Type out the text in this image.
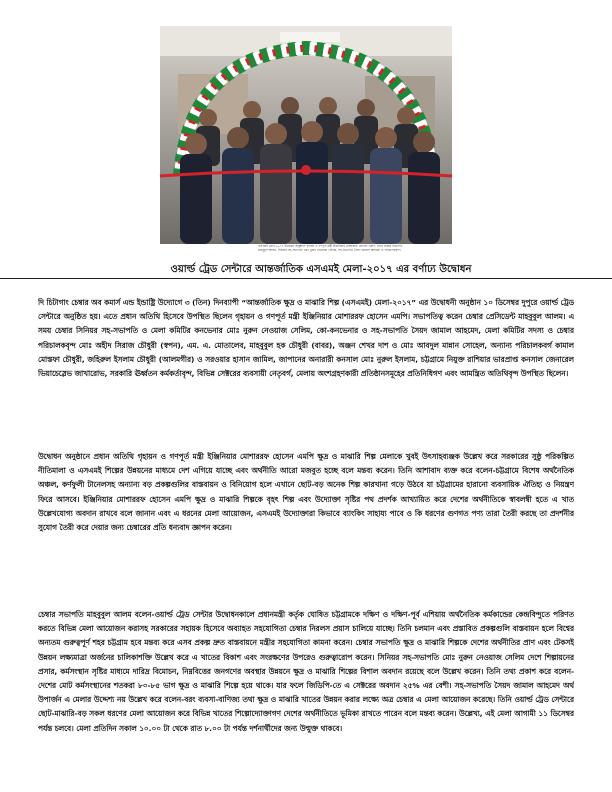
এসএমই মেলা-২০১৭ উদ্বোধন অনুষ্ঠানে গৃহায়ন ও গণপূর্ত মন্ত্রী ইঞ্জিনিয়ার মোশাররফ হোসেন এমপি, সাথে চেম্বার সভাপতি
মাহবুবুল আলম, সিনিয়র সহ-সভাপতি মোঃ নুরুন নেওয়াজ সেলিম, সহ-সভাপতি সৈয়দ জামাল আহমেদ ও পরিচালকবৃন্দ।
ওয়ার্ল্ড ট্রেড সেন্টারে আন্তর্জাতিক এসএমই মেলা-২০১৭ এর বর্ণাঢ্য উদ্বোধন

দি চিটাগাং চেম্বার অব কমার্স এন্ড ইন্ডাষ্ট্রি উদ্যোগে ৩ (তিন) দিনব্যাপী “আন্তর্জাতিক ক্ষুদ্র ও মাঝারি শিল্প (এসএমই) মেলা-২০১৭” এর উদ্বোধনী অনুষ্ঠান ১০ ডিসেম্বর দুপুরে ওয়ার্ল্ড ট্রেড সেন্টারে অনুষ্ঠিত হয়। এতে প্রধান অতিথি হিসেবে উপস্থিত ছিলেন গৃহায়ন ও গণপূর্ত মন্ত্রী ইঞ্জিনিয়ার মোশাররফ হোসেন এমপি। সভাপতিত্ব করেন চেম্বার প্রেসিডেন্ট মাহবুবুল আলম। এ সময় চেম্বার সিনিয়র সহ-সভাপতি ও মেলা কমিটির কনভেনার মোঃ নুরুন নেওয়াজ সেলিম, কো-কনভেনার ও সহ-সভাপতি সৈয়দ জামাল আহমেদ, মেলা কমিটির সদস্য ও চেম্বার পরিচালকবৃন্দ মোঃ অহীদ সিরাজ চৌধুরী (স্বপন), এম. এ. মোতালেব, মাহবুবুল হক চৌধুরী (বাবর), অঞ্জন শেখর দাশ ও মোঃ আবদুল মান্নান সোহেল, অন্যান্য পরিচালকবর্গ কামাল মোস্তফা চৌধুরী, জহিরুল ইসলাম চৌধুরী (আলমগীর) ও সরওয়ার হাসান জামিল, জাপানের অনারারী কনসাল মোঃ নুরুল ইসলাম, চট্টগ্রামে নিযুক্ত রাশিয়ার ভারপ্রাপ্ত কনসাল জেনারেল ভিয়াচেস্লেভ জাখারোভ, সরকারি ঊর্ধ্বতন কর্মকর্তাবৃন্দ, বিভিন্ন সেক্টরের ব্যবসায়ী নেতৃবর্গ, মেলায় অংশগ্রহণকারী প্রতিষ্ঠানসমূহের প্রতিনিধিগণ এবং আমন্ত্রিত অতিথিবৃন্দ উপস্থিত ছিলেন।

উদ্বোধন অনুষ্ঠানে প্রধান অতিথি গৃহায়ন ও গণপূর্ত মন্ত্রী ইঞ্জিনিয়ার মোশাররফ হোসেন এমপি ক্ষুদ্র ও মাঝারি শিল্প মেলাকে খুবই উৎসাহব্যঞ্জক উল্লেখ করে সরকারের সুষ্ঠু পরিকল্পিত নীতিমালা ও এসএমই শিল্পের উন্নয়নের মাধ্যমে দেশ এগিয়ে যাচ্ছে এবং অর্থনীতি আরো মজবুত হচ্ছে বলে মন্তব্য করেন। তিনি আশাবাদ ব্যক্ত করে বলেন-চট্টগ্রামে বিশেষ অর্থনৈতিক অঞ্চল, কর্ণফুলী টানেলসহ অন্যান্য বড় প্রকল্পগুলির বাস্তবায়ন ও বিনিয়োগ হলে এখানে ছোট-বড় অনেক শিল্প কারখানা গড়ে উঠবে যা চট্টগ্রামের হারানো ব্যবসায়িক ঐতিহ্য ও নিয়ন্ত্রণ ফিরে আসবে। ইঞ্জিনিয়ার মোশাররফ হোসেন এমপি ক্ষুদ্র ও মাঝারি শিল্পকে বৃহৎ শিল্প এবং উদ্যোক্তা সৃষ্টির পথ প্রদর্শক আখ্যায়িত করে দেশের অর্থনীতিকে স্বাবলম্বী হতে এ খাত উল্লেখযোগ্য অবদান রাখবে বলে জানান এবং এ ধরনের মেলা আয়োজন, এসএমই উদ্যোক্তারা কিভাবে ব্যাংকিং সাহায্য পাবে ও কি ধরণের গুণগত পণ্য তারা তৈরী করছে তা প্রদর্শনীর সুযোগ তৈরী করে দেয়ার জন্য চেম্বারের প্রতি ধন্যবাদ জ্ঞাপন করেন।

চেম্বার সভাপতি মাহবুবুল আলম বলেন-ওয়ার্ল্ড ট্রেড সেন্টার উদ্বোধনকালে প্রধানমন্ত্রী কর্তৃক ঘোষিত চট্টগ্রামকে দক্ষিণ ও দক্ষিণ-পূর্ব এশিয়ায় অর্থনৈতিক কর্মকান্ডের কেন্দ্রবিন্দুতে পরিণত করতে বিভিন্ন মেলা আয়োজন করাসহ সরকারের সহায়ক হিসেবে অব্যাহত সহযোগিতা চেম্বার নিরলস প্রয়াস চালিয়ে যাচ্ছে। তিনি চলমান এবং প্রস্তাবিত প্রকল্পগুলি বাস্তবায়ন হলে বিশ্বের অন্যতম গুরুত্বপূর্ণ শহর চট্টগ্রাম হবে মন্তব্য করে এসব প্রকল্প দ্রুত বাস্তবায়নে মন্ত্রীর সহযোগিতা কামনা করেন। চেম্বার সভাপতি ক্ষুদ্র ও মাঝারি শিল্পকে দেশের অর্থনীতির প্রাণ এবং টেকসই উন্নয়ন লক্ষ্যমাত্রা অর্জনের চালিকাশক্তি উল্লেখ করে এ খাতের বিকাশ এবং সংরক্ষণের উপরেও গুরুত্বারোপ করেন। সিনিয়র সহ-সভাপতি মোঃ নুরুন নেওয়াজ সেলিম দেশে শিল্পায়নের প্রসার, কর্মসংস্থান সৃষ্টির মাধ্যমে দারিদ্র বিমোচন, নিম্নবিত্তের জনগণের অবস্থার উন্নয়নে ক্ষুদ্র ও মাঝারি শিল্পের বিশাল অবদান রয়েছে বলে উল্লেখ করেন। তিনি তথ্য প্রকাশ করে বলেন-দেশের মোট কর্মসংস্থানের শতকরা ৮০-৮৫ ভাগ ক্ষুদ্র ও মাঝারি শিল্পে হয়ে থাকে। যার ফলে জিডিপি-তে এ সেক্টরের অবদান ২৫% এর বেশী। সহ-সভাপতি সৈয়দ জামাল আহমেদ অর্থ উপার্জন এ মেলার উদ্দেশ্য নয় উল্লেখ করে বলেন-বরং ব্যবসা-বাণিজ্য তথা ক্ষুদ্র ও মাঝারি খাতের উন্নয়ন করার লক্ষ্যে অত্র চেম্বার এ মেলা আয়োজন করেছে। তিনি ওয়ার্ল্ড ট্রেড সেন্টারে ছোট-মাঝারি-বড় সকল ধরণের মেলা আয়োজন করে বিভিন্ন খাতের শিল্পোদ্যোক্তাগণ দেশের অর্থনীতিতে ভূমিকা রাখতে পারেন বলে মন্তব্য করেন। উল্লেখ্য, এই মেলা আগামী ১১ ডিসেম্বর পর্যন্ত চলবে। মেলা প্রতিদিন সকাল ১০.০০ টা থেকে রাত ৮.০০ টা পর্যন্ত দর্শনার্থীদের জন্য উন্মুক্ত থাকবে।
